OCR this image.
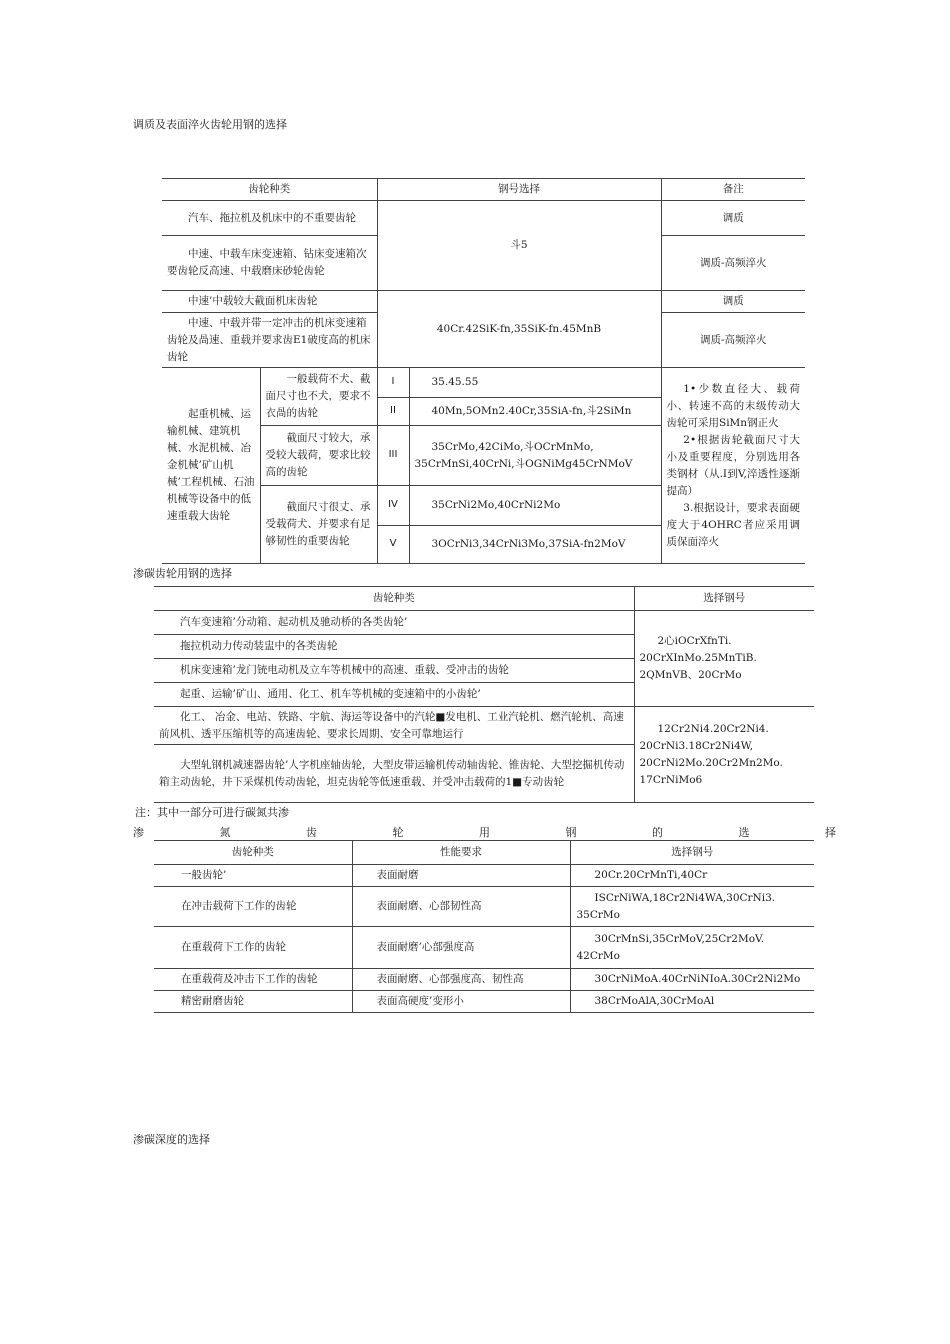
调质及表面淬火齿轮用钢的选择
齿轮种类		钢号选择		备注
汽车、拖拉机及机床中的不重要齿轮		斗5		调质
中速、中载车床变速箱、钻床变速箱次要齿轮反高速、中载磨床砂轮齿轮				调质-高频淬火
中速’中载较大截面机床齿轮		40Cr.42SiK-fn,35SiK-fn.45MnB		调质
中速、中载并带一定冲击的机床变速箱齿轮及咼速、重载并要求齿E1破度高的机床齿轮				调质-高频淬火
起重机械、运输机械、建筑机械、水泥机械、冶金机械’矿山机械’工程机械、石油机械等设备中的低速重载大齿轮	一般载荷不犬、截面尺寸也不犬，要求不衣咼的齿轮	I	35.45.55	1•少数直径大、载荷小、转速不高的末级传动大齿轮可采用SiMn钢正火

2•根据齿轮截面尺寸大小及重要程度，分别选用各类钢材（从.I到V,淬透性逐渐提高）

3.根据设计，要求表面硬度大于4OHRC者应采用调质保面淬火

		II	40Mn,5OMn2.40Cr,35SiA-fn,斗2SiMn	
	截面尺寸较大，承受较大载荷，要求比较高的齿轮	III	35CrMo,42CiMo,斗OCrMnMo,
35CrMnSi,40CrNi,斗OGNiMg45CrNMoV	

	截面尺寸很丈、承受载荷犬、并要求有足够韧性的重要齿轮	IV	35CrNi2Mo,40CrNi2Mo	
		V	3OCrNi3,34CrNi3Mo,37SiA-fn2MoV	
渗碳齿轮用钢的选择
齿轮种类	选择钢号
汽车变速箱’分动箱、起动机及驰动桥的各类齿轮’	2心iOCrXfnTi.
20CrXInMo.25MnTiB.
2QMnVB、20CrMo

拖拉机动力传动装盅中的各类齿轮	
机床变速箱’龙门铳电动机及立车等机械中的高速、重载、受冲击的齿轮	
起重、运输’矿山、通用、化工、机车等机械的变速箱中的小齿轮’	
化工、 冶金、电站、铁路、宇航、海运等设备中的汽轮■发电机、工业汽轮机、燃汽轮机、高速前风机、透平压缩机等的高速齿轮、要求长周期、安全可靠地运行	12Cr2Ni4.20Cr2Ni4.
20CrNi3.18Cr2Ni4W,
20CrNi2Mo.20Cr2Mn2Mo.
17CrNiMo6

大型轧钢机减速器齿轮’人字机座轴齿轮，大型皮带运输机传动轴齿轮、锥齿轮、大型挖掘机传动箱主动齿轮，井下采煤机传动齿轮，坦克齿轮等低速重载、并受冲击载荷的1■专动齿轮	
注：其中一部分可进行碳氮共渗
渗	氮	齿	轮	用	钢	的	选	择
齿轮种类	性能要求	选择钢号
一般齿轮’	表面耐磨	20Cr.20CrMnTi,40Cr
在冲击载荷下工作的齿轮	表面耐磨、心部韧性高	ISCrNiWA,18Cr2Ni4WA,30CrNi3.
35CrMo

在重载荷下工作的齿轮	表面耐磨’心部强度高	30CrMnSi,35CrMoV,25Cr2MoV.
42CrMo

在重载荷及冲击下工作的齿轮	表面耐磨、心部强度高、韧性高	30CrNiMoA.40CrNiNIoA.30Cr2Ni2Mo
精密耐磨齿轮	表面高硬度’变形小	38CrMoAlA,30CrMoAl
渗碳深度的选择
